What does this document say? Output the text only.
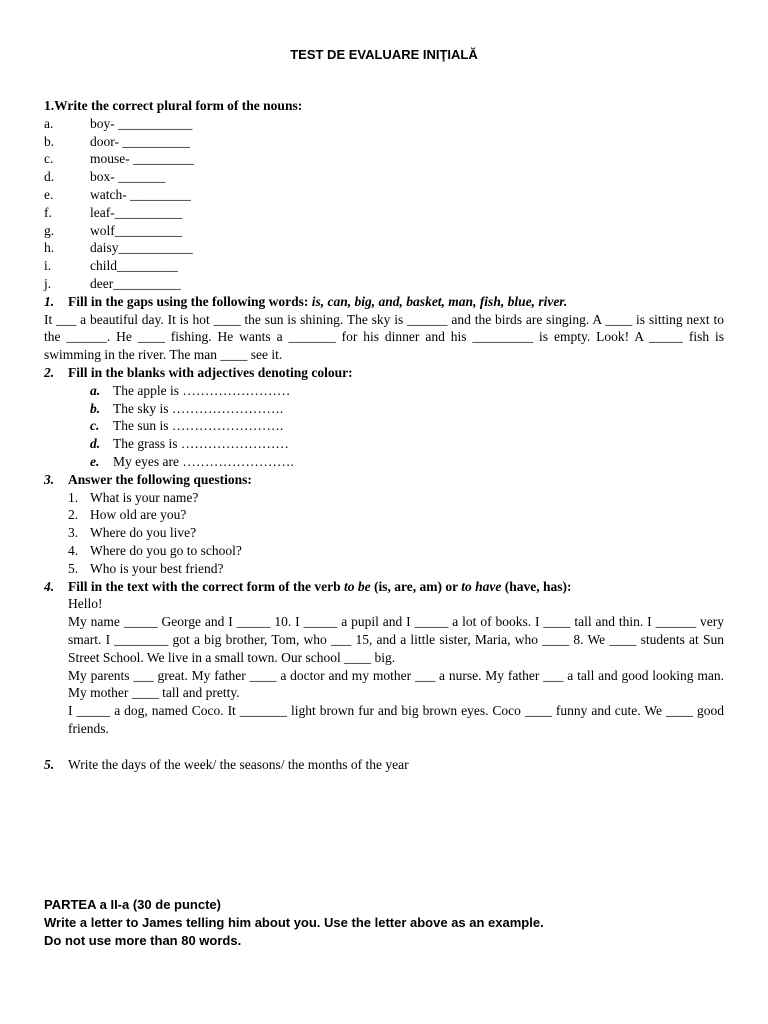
TEST DE EVALUARE INIŢIALĂ
1.Write the correct plural form of the nouns:
a.	boy- ___________
b.	door- __________
c.	mouse- _________
d.	box- _______
e.	watch- _________
f.	leaf-__________
g.	wolf__________
h.	daisy___________
i.	child_________
j.	deer__________
1. Fill in the gaps using the following words: is, can, big, and, basket, man, fish, blue, river.

It ___ a beautiful day. It is hot ____ the sun is shining. The sky is ______ and the birds are singing. A ____ is sitting next to the ______. He ____ fishing. He wants a _______ for his dinner and his _________ is empty. Look! A _____ fish is swimming in the river. The man ____ see it.

2. Fill in the blanks with adjectives denoting colour:
a. The apple is ……………………
b. The sky is …………………….
c. The sun is …………………….
d. The grass is ……………………
e. My eyes are …………………….
3. Answer the following questions:
1. What is your name?
2. How old are you?
3. Where do you live?
4. Where do you go to school?
5. Who is your best friend?
4. Fill in the text with the correct form of the verb to be (is, are, am) or to have (have, has):
Hello!

My name _____ George and I _____ 10. I _____ a pupil and I _____ a lot of books. I ____ tall and thin. I ______ very smart. I ________ got a big brother, Tom, who ___ 15, and a little sister, Maria, who ____ 8. We ____ students at Sun Street School. We live in a small town. Our school ____ big.

My parents ___ great. My father ____ a doctor and my mother ___ a nurse. My father ___ a tall and good looking man. My mother ____ tall and pretty.

I _____ a dog, named Coco. It _______ light brown fur and big brown eyes. Coco ____ funny and cute. We ____ good friends.

5. Write the days of the week/ the seasons/ the months of the year
PARTEA a II-a (30 de puncte)
Write a letter to James telling him about you. Use the letter above as an example.
Do not use more than 80 words.
